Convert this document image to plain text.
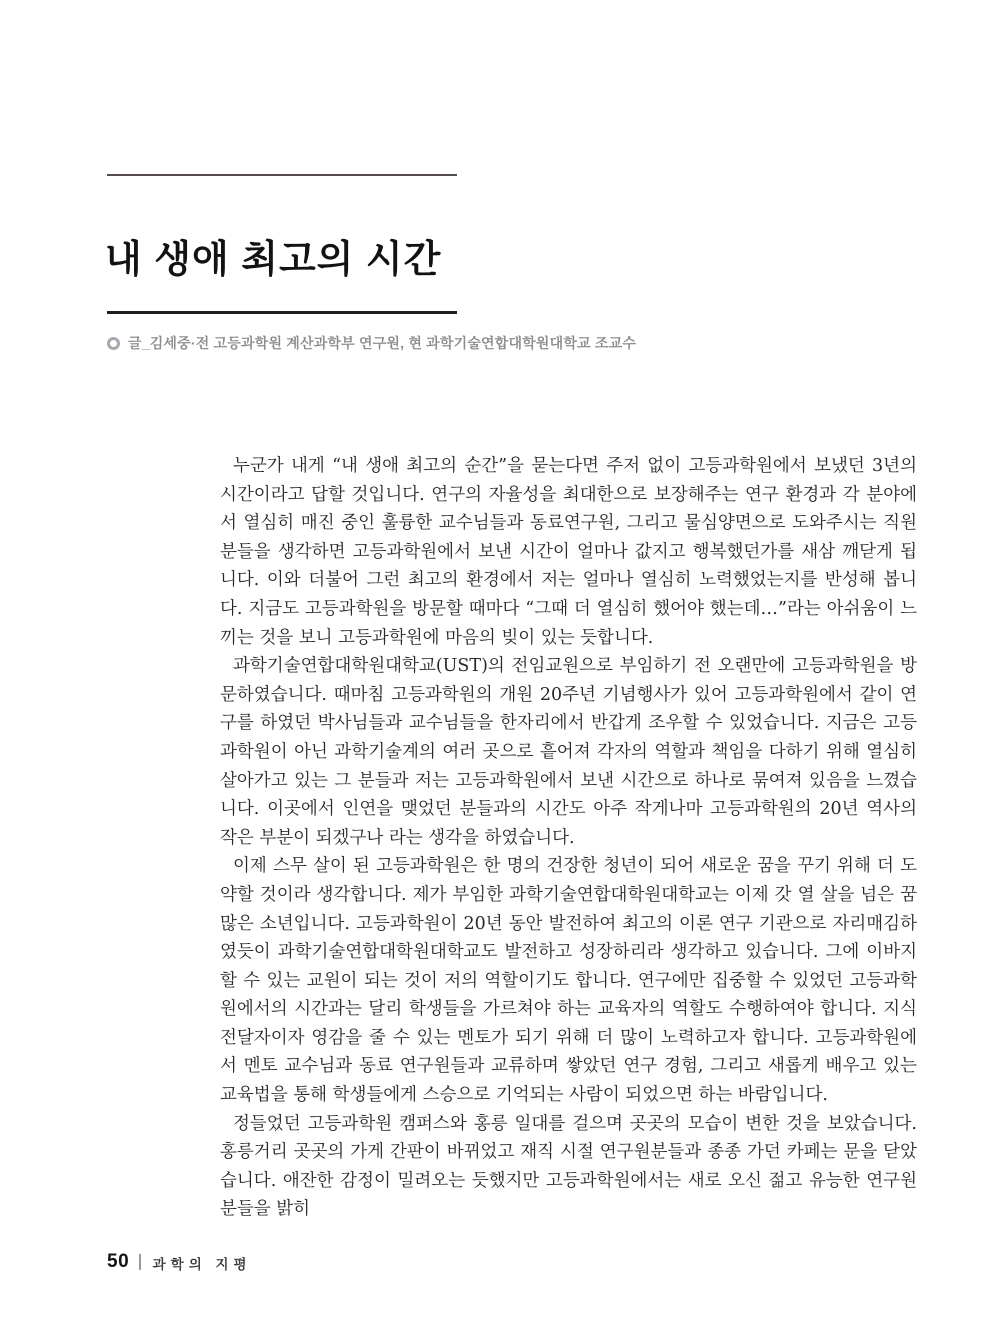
내 생애 최고의 시간
글_김세중·전 고등과학원 계산과학부 연구원, 현 과학기술연합대학원대학교 조교수

누군가 내게 “내 생애 최고의 순간”을 묻는다면 주저 없이 고등과학원에서 보냈던 3년의 시간이라고 답할 것입니다. 연구의 자율성을 최대한으로 보장해주는 연구 환경과 각 분야에서 열심히 매진 중인 훌륭한 교수님들과 동료연구원, 그리고 물심양면으로 도와주시는 직원분들을 생각하면 고등과학원에서 보낸 시간이 얼마나 값지고 행복했던가를 새삼 깨닫게 됩니다. 이와 더불어 그런 최고의 환경에서 저는 얼마나 열심히 노력했었는지를 반성해 봅니다. 지금도 고등과학원을 방문할 때마다 “그때 더 열심히 했어야 했는데…”라는 아쉬움이 느끼는 것을 보니 고등과학원에 마음의 빚이 있는 듯합니다.

과학기술연합대학원대학교(UST)의 전임교원으로 부임하기 전 오랜만에 고등과학원을 방문하였습니다. 때마침 고등과학원의 개원 20주년 기념행사가 있어 고등과학원에서 같이 연구를 하였던 박사님들과 교수님들을 한자리에서 반갑게 조우할 수 있었습니다. 지금은 고등과학원이 아닌 과학기술계의 여러 곳으로 흩어져 각자의 역할과 책임을 다하기 위해 열심히 살아가고 있는 그 분들과 저는 고등과학원에서 보낸 시간으로 하나로 묶여져 있음을 느꼈습니다. 이곳에서 인연을 맺었던 분들과의 시간도 아주 작게나마 고등과학원의 20년 역사의 작은 부분이 되겠구나 라는 생각을 하였습니다.

이제 스무 살이 된 고등과학원은 한 명의 건장한 청년이 되어 새로운 꿈을 꾸기 위해 더 도약할 것이라 생각합니다. 제가 부임한 과학기술연합대학원대학교는 이제 갓 열 살을 넘은 꿈 많은 소년입니다. 고등과학원이 20년 동안 발전하여 최고의 이론 연구 기관으로 자리매김하였듯이 과학기술연합대학원대학교도 발전하고 성장하리라 생각하고 있습니다. 그에 이바지할 수 있는 교원이 되는 것이 저의 역할이기도 합니다. 연구에만 집중할 수 있었던 고등과학원에서의 시간과는 달리 학생들을 가르쳐야 하는 교육자의 역할도 수행하여야 합니다. 지식 전달자이자 영감을 줄 수 있는 멘토가 되기 위해 더 많이 노력하고자 합니다. 고등과학원에서 멘토 교수님과 동료 연구원들과 교류하며 쌓았던 연구 경험, 그리고 새롭게 배우고 있는 교육법을 통해 학생들에게 스승으로 기억되는 사람이 되었으면 하는 바람입니다.

정들었던 고등과학원 캠퍼스와 홍릉 일대를 걸으며 곳곳의 모습이 변한 것을 보았습니다. 홍릉거리 곳곳의 가게 간판이 바뀌었고 재직 시절 연구원분들과 종종 가던 카페는 문을 닫았습니다. 애잔한 감정이 밀려오는 듯했지만 고등과학원에서는 새로 오신 젊고 유능한 연구원분들을 밝히

50 과학의 지평
